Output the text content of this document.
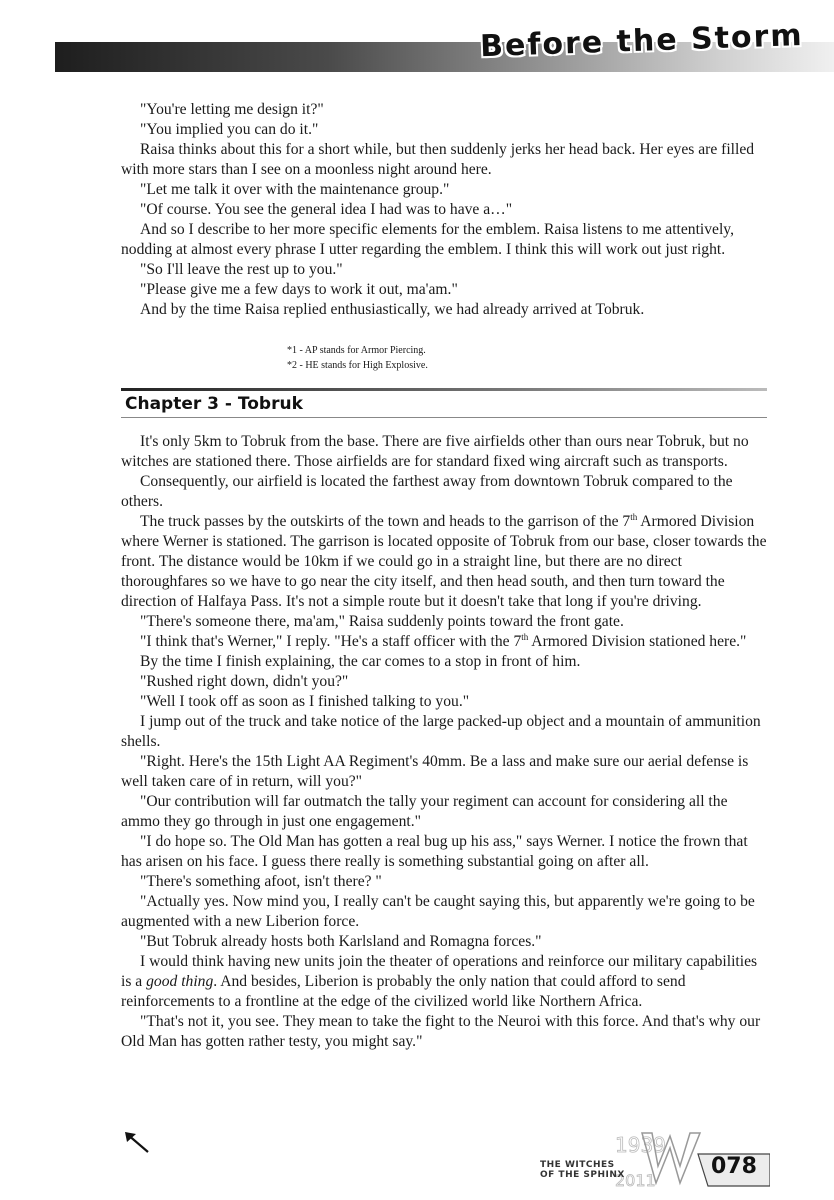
Before the Storm

"You're letting me design it?"

"You implied you can do it."

Raisa thinks about this for a short while, but then suddenly jerks her head back. Her eyes are filled with more stars than I see on a moonless night around here.

"Let me talk it over with the maintenance group."

"Of course. You see the general idea I had was to have a…"

And so I describe to her more specific elements for the emblem. Raisa listens to me attentively, nodding at almost every phrase I utter regarding the emblem. I think this will work out just right.

"So I'll leave the rest up to you."

"Please give me a few days to work it out, ma'am."

And by the time Raisa replied enthusiastically, we had already arrived at Tobruk.

*1 - AP stands for Armor Piercing.
*2 - HE stands for High Explosive.
Chapter 3 - Tobruk

It's only 5km to Tobruk from the base. There are five airfields other than ours near Tobruk, but no witches are stationed there. Those airfields are for standard fixed wing aircraft such as transports.

Consequently, our airfield is located the farthest away from downtown Tobruk compared to the others.

The truck passes by the outskirts of the town and heads to the garrison of the 7th Armored Division where Werner is stationed. The garrison is located opposite of Tobruk from our base, closer towards the front. The distance would be 10km if we could go in a straight line, but there are no direct thoroughfares so we have to go near the city itself, and then head south, and then turn toward the direction of Halfaya Pass. It's not a simple route but it doesn't take that long if you're driving.

"There's someone there, ma'am," Raisa suddenly points toward the front gate.

"I think that's Werner," I reply. "He's a staff officer with the 7th Armored Division stationed here."

By the time I finish explaining, the car comes to a stop in front of him.

"Rushed right down, didn't you?"

"Well I took off as soon as I finished talking to you."

I jump out of the truck and take notice of the large packed-up object and a mountain of ammunition shells.

"Right. Here's the 15th Light AA Regiment's 40mm. Be a lass and make sure our aerial defense is well taken care of in return, will you?"

"Our contribution will far outmatch the tally your regiment can account for considering all the ammo they go through in just one engagement."

"I do hope so. The Old Man has gotten a real bug up his ass," says Werner. I notice the frown that has arisen on his face. I guess there really is something substantial going on after all.

"There's something afoot, isn't there? "

"Actually yes. Now mind you, I really can't be caught saying this, but apparently we're going to be augmented with a new Liberion force.

"But Tobruk already hosts both Karlsland and Romagna forces."

I would think having new units join the theater of operations and reinforce our military capabilities is a good thing. And besides, Liberion is probably the only nation that could afford to send reinforcements to a frontline at the edge of the civilized world like Northern Africa.

"That's not it, you see. They mean to take the fight to the Neuroi with this force. And that's why our Old Man has gotten rather testy, you might say."

1939
2011
THE WITCHES
OF THE SPHINX	078
